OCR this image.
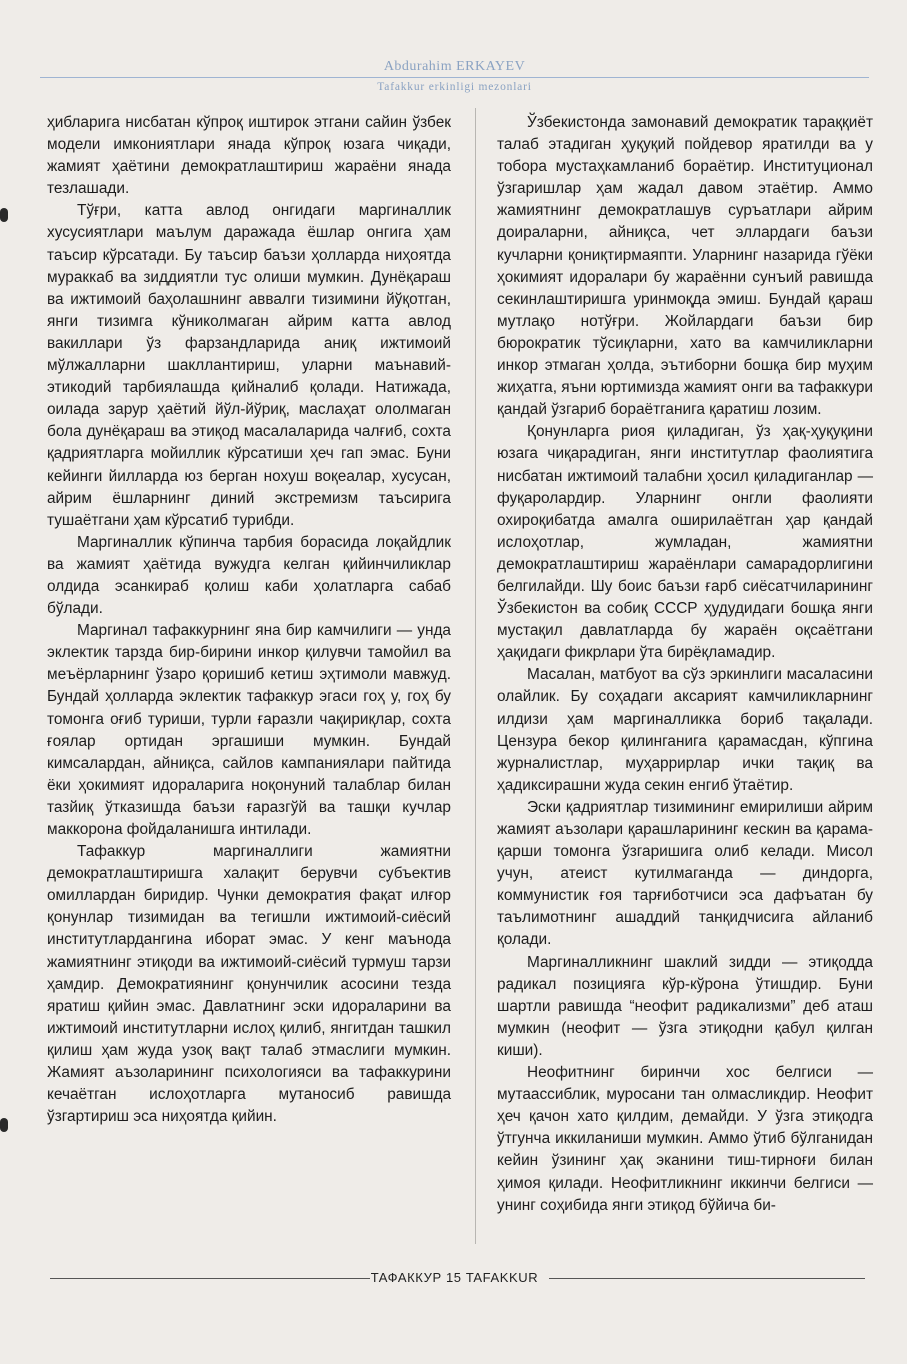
Abdurahim ERKAYEV
Tafakkur erkinligi mezonlari

ҳибларига нисбатан кўпроқ иштирок этгани сайин ўзбек модели имкониятлари янада кўпроқ юзага чиқади, жамият ҳаётини демократлаштириш жараёни янада тезлашади.

Тўғри, катта авлод онгидаги маргиналлик хусусиятлари маълум даражада ёшлар онгига ҳам таъсир кўрсатади. Бу таъсир баъзи ҳолларда ниҳоятда мураккаб ва зиддиятли тус олиши мумкин. Дунёқараш ва ижтимоий баҳолашнинг аввалги тизимини йўқотган, янги тизимга кўниколмаган айрим катта авлод вакиллари ўз фарзандларида аниқ ижтимоий мўлжалларни шакллантириш, уларни маънавий-этикодий тарбиялашда қийналиб қолади. Натижада, оилада зарур ҳаётий йўл-йўриқ, маслаҳат ололмаган бола дунёқараш ва этиқод масалаларида чалғиб, сохта қадриятларга мойиллик кўрсатиши ҳеч гап эмас. Буни кейинги йилларда юз берган нохуш воқеалар, хусусан, айрим ёшларнинг диний экстремизм таъсирига тушаётгани ҳам кўрсатиб турибди.

Маргиналлик кўпинча тарбия борасида лоқайдлик ва жамият ҳаётида вужудга келган қийинчиликлар олдида эсанкираб қолиш каби ҳолатларга сабаб бўлади.

Маргинал тафаккурнинг яна бир камчилиги — унда эклектик тарзда бир-бирини инкор қилувчи тамойил ва меъёрларнинг ўзаро қоришиб кетиш эҳтимоли мавжуд. Бундай ҳолларда эклектик тафаккур эгаси гоҳ у, гоҳ бу томонга оғиб туриши, турли ғаразли чақириқлар, сохта ғоялар ортидан эргашиши мумкин. Бундай кимсалардан, айниқса, сайлов кампаниялари пайтида ёки ҳокимият идораларига ноқонуний талаблар билан тазйиқ ўтказишда баъзи ғаразгўй ва ташқи кучлар маккорона фойдаланишга интилади.

Тафаккур маргиналлиги жамиятни демократлаштиришга халақит берувчи субъектив омиллардан биридир. Чунки демократия фақат илғор қонунлар тизимидан ва тегишли ижтимоий-сиёсий институтлардангина иборат эмас. У кенг маънода жамиятнинг этиқоди ва ижтимоий-сиёсий турмуш тарзи ҳамдир. Демократиянинг қонунчилик асосини тезда яратиш қийин эмас. Давлатнинг эски идораларини ва ижтимоий институтларни ислоҳ қилиб, янгитдан ташкил қилиш ҳам жуда узоқ вақт талаб этмаслиги мумкин. Жамият аъзоларининг психологияси ва тафаккурини кечаётган ислоҳотларга мутаносиб равишда ўзгартириш эса ниҳоятда қийин.

Ўзбекистонда замонавий демократик тараққиёт талаб этадиган ҳуқуқий пойдевор яратилди ва у тобора мустаҳкамланиб бораётир. Институционал ўзгаришлар ҳам жадал давом этаётир. Аммо жамиятнинг демократлашув суръатлари айрим доираларни, айниқса, чет эллардаги баъзи кучларни қониқтирмаяпти. Уларнинг назарида гўёки ҳокимият идоралари бу жараённи сунъий равишда секинлаштиришга уринмоқда эмиш. Бундай қараш мутлақо нотўғри. Жойлардаги баъзи бир бюрократик тўсиқларни, хато ва камчиликларни инкор этмаган ҳолда, эътиборни бошқа бир муҳим жиҳатга, яъни юртимизда жамият онги ва тафаккури қандай ўзгариб бораётганига қаратиш лозим.

Қонунларга риоя қиладиган, ўз ҳақ-ҳуқуқини юзага чиқарадиган, янги институтлар фаолиятига нисбатан ижтимоий талабни ҳосил қиладиганлар — фуқаролардир. Уларнинг онгли фаолияти охироқибатда амалга оширилаётган ҳар қандай ислоҳотлар, жумладан, жамиятни демократлаштириш жараёнлари самарадорлигини белгилайди. Шу боис баъзи ғарб сиёсатчиларининг Ўзбекистон ва собиқ СССР ҳудудидаги бошқа янги мустақил давлатларда бу жараён оқсаётгани ҳақидаги фикрлари ўта бирёқламадир.

Масалан, матбуот ва сўз эркинлиги масаласини олайлик. Бу соҳадаги аксарият камчиликларнинг илдизи ҳам маргиналликка бориб тақалади. Цензура бекор қилинганига қарамасдан, кўпгина журналистлар, муҳаррирлар ички тақиқ ва ҳадиксирашни жуда секин енгиб ўтаётир.

Эски қадриятлар тизимининг емирилиши айрим жамият аъзолари қарашларининг кескин ва қарама-қарши томонга ўзгаришига олиб келади. Мисол учун, атеист кутилмаганда — диндорга, коммунистик ғоя тарғиботчиси эса дафъатан бу таълимотнинг ашаддий танқидчисига айланиб қолади.

Маргиналликнинг шаклий зидди — этиқодда радикал позицияга кўр-кўрона ўтишдир. Буни шартли равишда “неофит радикализми” деб аташ мумкин (неофит — ўзга этиқодни қабул қилган киши).

Неофитнинг биринчи хос белгиси — мутаассиблик, муросани тан олмасликдир. Неофит ҳеч қачон хато қилдим, демайди. У ўзга этиқодга ўтгунча иккиланиши мумкин. Аммо ўтиб бўлганидан кейин ўзининг ҳақ эканини тиш-тирноғи билан ҳимоя қилади. Неофитликнинг иккинчи белгиси — унинг соҳибида янги этиқод бўйича би-

ТАФАККУР 15 TAFAKKUR
